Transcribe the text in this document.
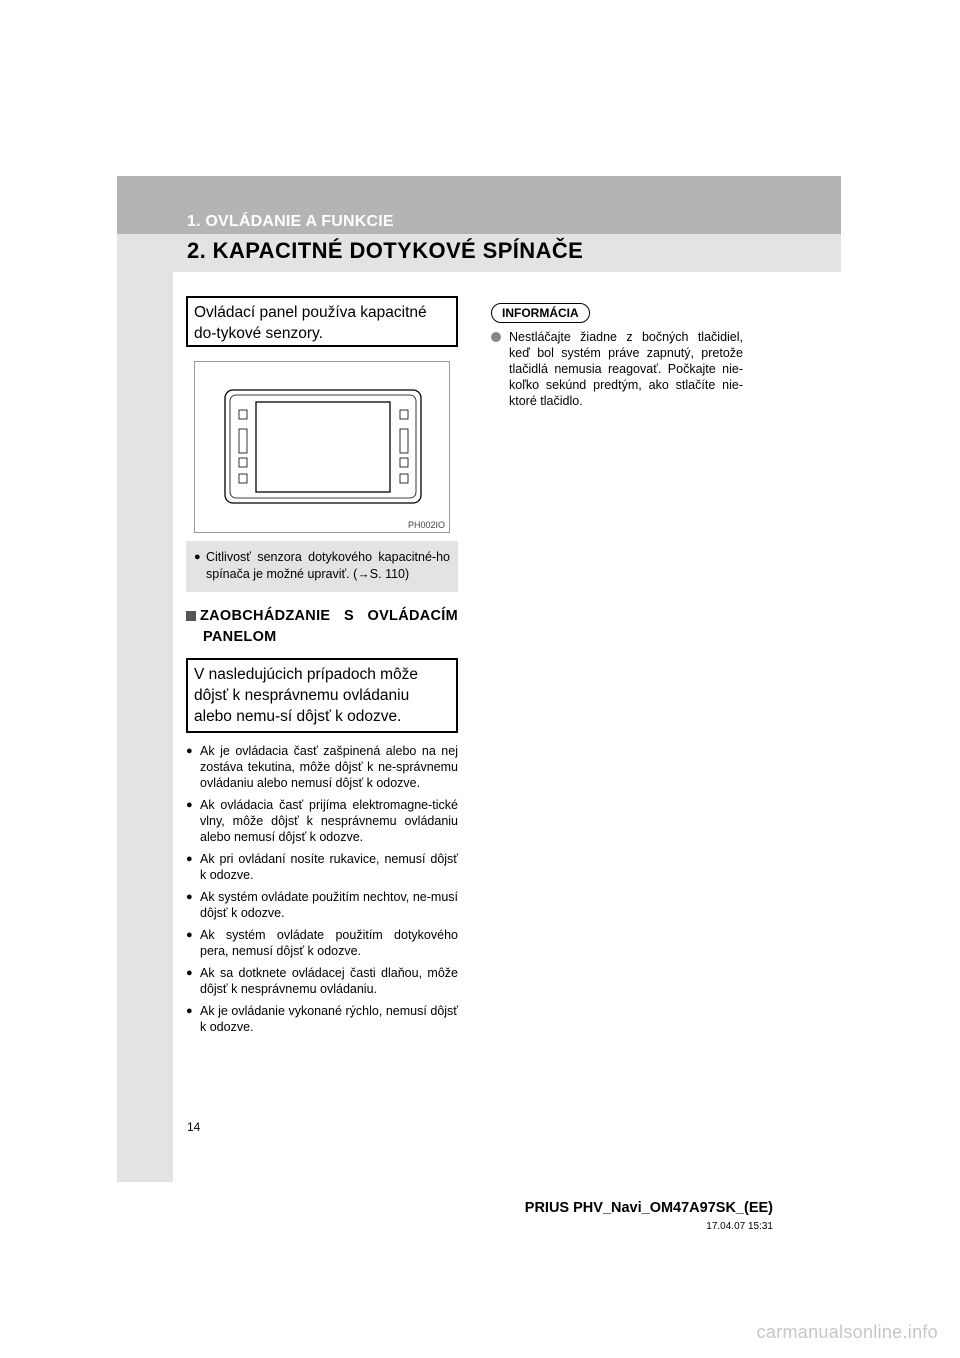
1. OVLÁDANIE A FUNKCIE
2. KAPACITNÉ DOTYKOVÉ SPÍNAČE

Ovládací panel používa kapacitné do-tykové senzory.

PH002IO
● Citlivosť senzora dotykového kapacitné-ho spínača je možné upraviť. (→S. 110)
ZAOBCHÁDZANIE S OVLÁDACÍM
PANELOM

V nasledujúcich prípadoch môže dôjsť k nesprávnemu ovládaniu alebo nemu-sí dôjsť k odozve.

● Ak je ovládacia časť zašpinená alebo na nej zostáva tekutina, môže dôjsť k ne-správnemu ovládaniu alebo nemusí dôjsť k odozve.
● Ak ovládacia časť prijíma elektromagne-tické vlny, môže dôjsť k nesprávnemu ovládaniu alebo nemusí dôjsť k odozve.
● Ak pri ovládaní nosíte rukavice, nemusí dôjsť k odozve.
● Ak systém ovládate použitím nechtov, ne-musí dôjsť k odozve.
● Ak systém ovládate použitím dotykového pera, nemusí dôjsť k odozve.
● Ak sa dotknete ovládacej časti dlaňou, môže dôjsť k nesprávnemu ovládaniu.
● Ak je ovládanie vykonané rýchlo, nemusí dôjsť k odozve.
INFORMÁCIA
Nestláčajte žiadne z bočných tlačidiel, keď bol systém práve zapnutý, pretože tlačidlá nemusia reagovať. Počkajte nie-koľko sekúnd predtým, ako stlačíte nie-ktoré tlačidlo.
14
PRIUS PHV_Navi_OM47A97SK_(EE)
17.04.07 15:31
carmanualsonline.info
